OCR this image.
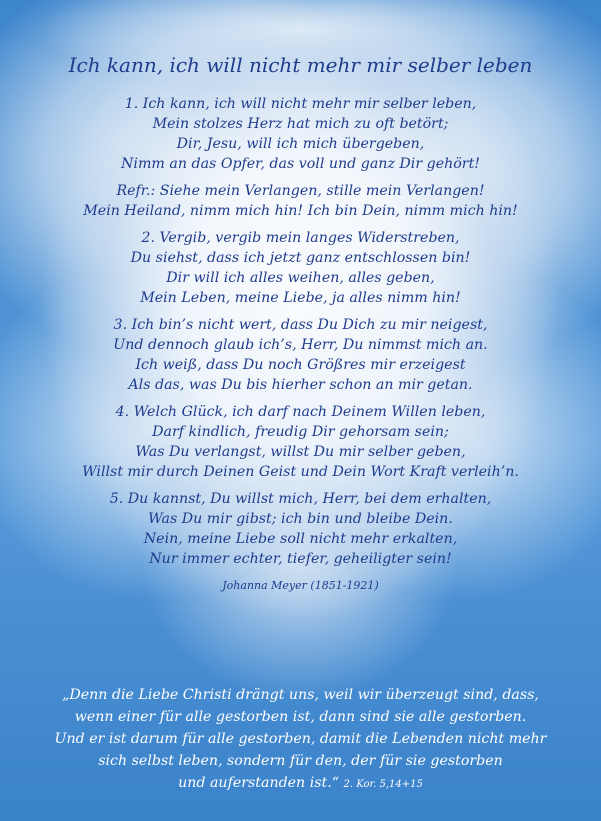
Ich kann, ich will nicht mehr mir selber leben
1. Ich kann, ich will nicht mehr mir selber leben,
Mein stolzes Herz hat mich zu oft betört;
Dir, Jesu, will ich mich übergeben,
Nimm an das Opfer, das voll und ganz Dir gehört!
Refr.: Siehe mein Verlangen, stille mein Verlangen!
Mein Heiland, nimm mich hin! Ich bin Dein, nimm mich hin!
2. Vergib, vergib mein langes Widerstreben,
Du siehst, dass ich jetzt ganz entschlossen bin!
Dir will ich alles weihen, alles geben,
Mein Leben, meine Liebe, ja alles nimm hin!
3. Ich bin’s nicht wert, dass Du Dich zu mir neigest,
Und dennoch glaub ich’s, Herr, Du nimmst mich an.
Ich weiß, dass Du noch Größres mir erzeigest
Als das, was Du bis hierher schon an mir getan.
4. Welch Glück, ich darf nach Deinem Willen leben,
Darf kindlich, freudig Dir gehorsam sein;
Was Du verlangst, willst Du mir selber geben,
Willst mir durch Deinen Geist und Dein Wort Kraft verleih’n.
5. Du kannst, Du willst mich, Herr, bei dem erhalten,
Was Du mir gibst; ich bin und bleibe Dein.
Nein, meine Liebe soll nicht mehr erkalten,
Nur immer echter, tiefer, geheiligter sein!
Johanna Meyer (1851-1921)
„Denn die Liebe Christi drängt uns, weil wir überzeugt sind, dass,
wenn einer für alle gestorben ist, dann sind sie alle gestorben.
Und er ist darum für alle gestorben, damit die Lebenden nicht mehr
sich selbst leben, sondern für den, der für sie gestorben
und auferstanden ist.“ 2. Kor. 5,14+15
